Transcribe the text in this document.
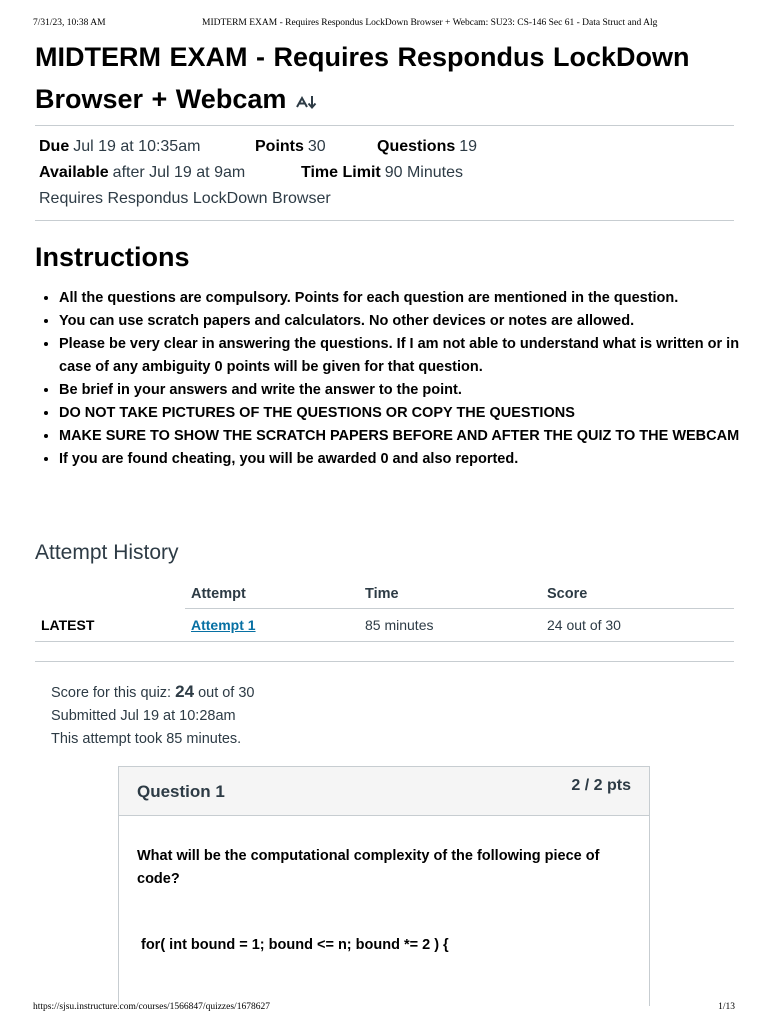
7/31/23, 10:38 AM	MIDTERM EXAM - Requires Respondus LockDown Browser + Webcam: SU23: CS-146 Sec 61 - Data Struct and Alg
MIDTERM EXAM - Requires Respondus LockDown Browser + Webcam
Due Jul 19 at 10:35am	Points 30	Questions 19
Available after Jul 19 at 9am	Time Limit 90 Minutes
Requires Respondus LockDown Browser
Instructions
• All the questions are compulsory. Points for each question are mentioned in the question.
• You can use scratch papers and calculators. No other devices or notes are allowed.
• Please be very clear in answering the questions. If I am not able to understand what is written or in case of any ambiguity 0 points will be given for that question.
• Be brief in your answers and write the answer to the point.
• DO NOT TAKE PICTURES OF THE QUESTIONS OR COPY THE QUESTIONS
• MAKE SURE TO SHOW THE SCRATCH PAPERS BEFORE AND AFTER THE QUIZ TO THE WEBCAM
• If you are found cheating, you will be awarded 0 and also reported.
Attempt History
	Attempt	Time	Score
LATEST	Attempt 1	85 minutes	24 out of 30
Score for this quiz: 24 out of 30
Submitted Jul 19 at 10:28am
This attempt took 85 minutes.
Question 1	2 / 2 pts
What will be the computational complexity of the following piece of code?
for( int bound = 1; bound <= n; bound *= 2 ) {
https://sjsu.instructure.com/courses/1566847/quizzes/1678627	1/13
